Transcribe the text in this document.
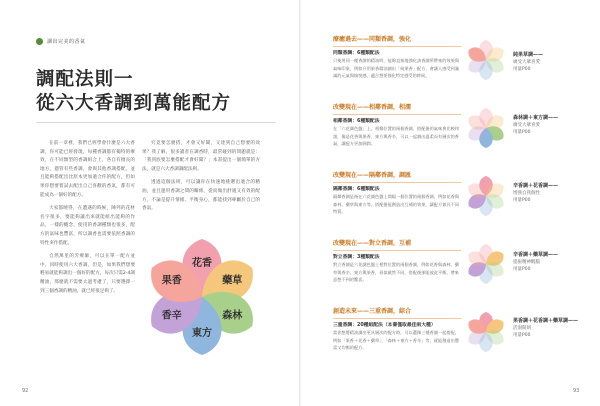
調出完美的香氣
調配法則一
從六大香調到萬能配方

在前一章裡，我們已經學會什麼是六大香調，你可能已經發現，每種香調都有獨特的療效，在不同類型的香調組合上，各自有擅長的地方。儘管有些香調，會與其他香調搭配，並且能夠搭配出比原本更加適合你的配方，但如果你想要嘗試去配出自己喜歡的香氣，都有可能成為一個好的配方。

大家都曉得，在遭遇的時候，陳列的花材名字很多，要能夠讓出來就能組出能夠的作品，一樣的概念，使用的香調種類也很多，配方的氣味也豐富，所以調香也需要依照香調的特性來作搭配。

自然萬里的芳療師，可以在單一配方並中，同時使用六大香調，但是，如果我們想要輕易就能夠調出一個好的配方，每次只需2-4調精油，那麼就不需要太過考慮了，只要選擇一到三個香調的精油，就已經很足夠了。

究竟要怎麼搭，才會又好聞，又達到自己想要的效果？我了解，很多讀者在調香時，最常碰到的問題就是：「我到底要怎麼搭配才會好聞？」本書提出一個簡單的方法，就是六大香調調配法則。

透過這個法則，可以讓你在快速地挑選出適合的精油，並且運用香調之間的關係，從而做出舒適又有效的配方，不論是提升情緒、平衡身心，都能找到專屬於自己的香氣。

花香
藥草
森林
東方
香辛
果香
92
療癒過去——同類香調，強化
同類香調：6種類配法
只使用同一種香調的精油時，能夠直接地強化該香調所帶來的效果與氣味印象，例如只用果香精油調出「純果香」配方，會讓人感受到滿滿的元氣與愉悅感，適合想要強化特定感受的時候。
改變現在——相鄰香調，相濡
相鄰香調：6種類配法
在「六花調色盤」上，相鄰位置的兩個香調，搭配後的氣味會比較和諧，像是花香與果香、東方與香辛，可以一起調出溫柔而有層次的香氣，讓配方更加圓潤。
改變現在——隔鄰香調，調匯
隔鄰香調：6種類配法
隔鄰香調是指在六花調色盤上間隔一個位置的兩個香調，例如花香與森林、藥草與東方等，搭配後能創造出互補的效果，讓配方兼具不同特質。
改變現在——對立香調，互補
對立香調：3種類配法
對立香調是六花調色盤上相對位置的兩個香調，例如花香與森林、藥草與香辛、東方與果香，看似截然不同，搭配後卻能彼此平衡，帶來意想不到的驚喜。
創造未來——三重香調，綜合
三重香調：20種組配法（本書僅取最佳兩大種）
當你想將精油調出更具層次的配方時，可以選擇三種香調一起搭配，例如「果香＋花香＋藥草」、「森林＋東方＋香辛」等，就能創造出豐富又均衡的配方。
純果草調——
廣受大眾喜愛
用量P00
森林調＋東方調——
廣受大眾喜愛
用量P00
辛香調＋花香調——
增強自我個性
用量P00
辛香調＋藥草調——
提振精神醒腦
用量P00
果香調＋花香調＋藥草調——
活潑開朗
用量P00
93
